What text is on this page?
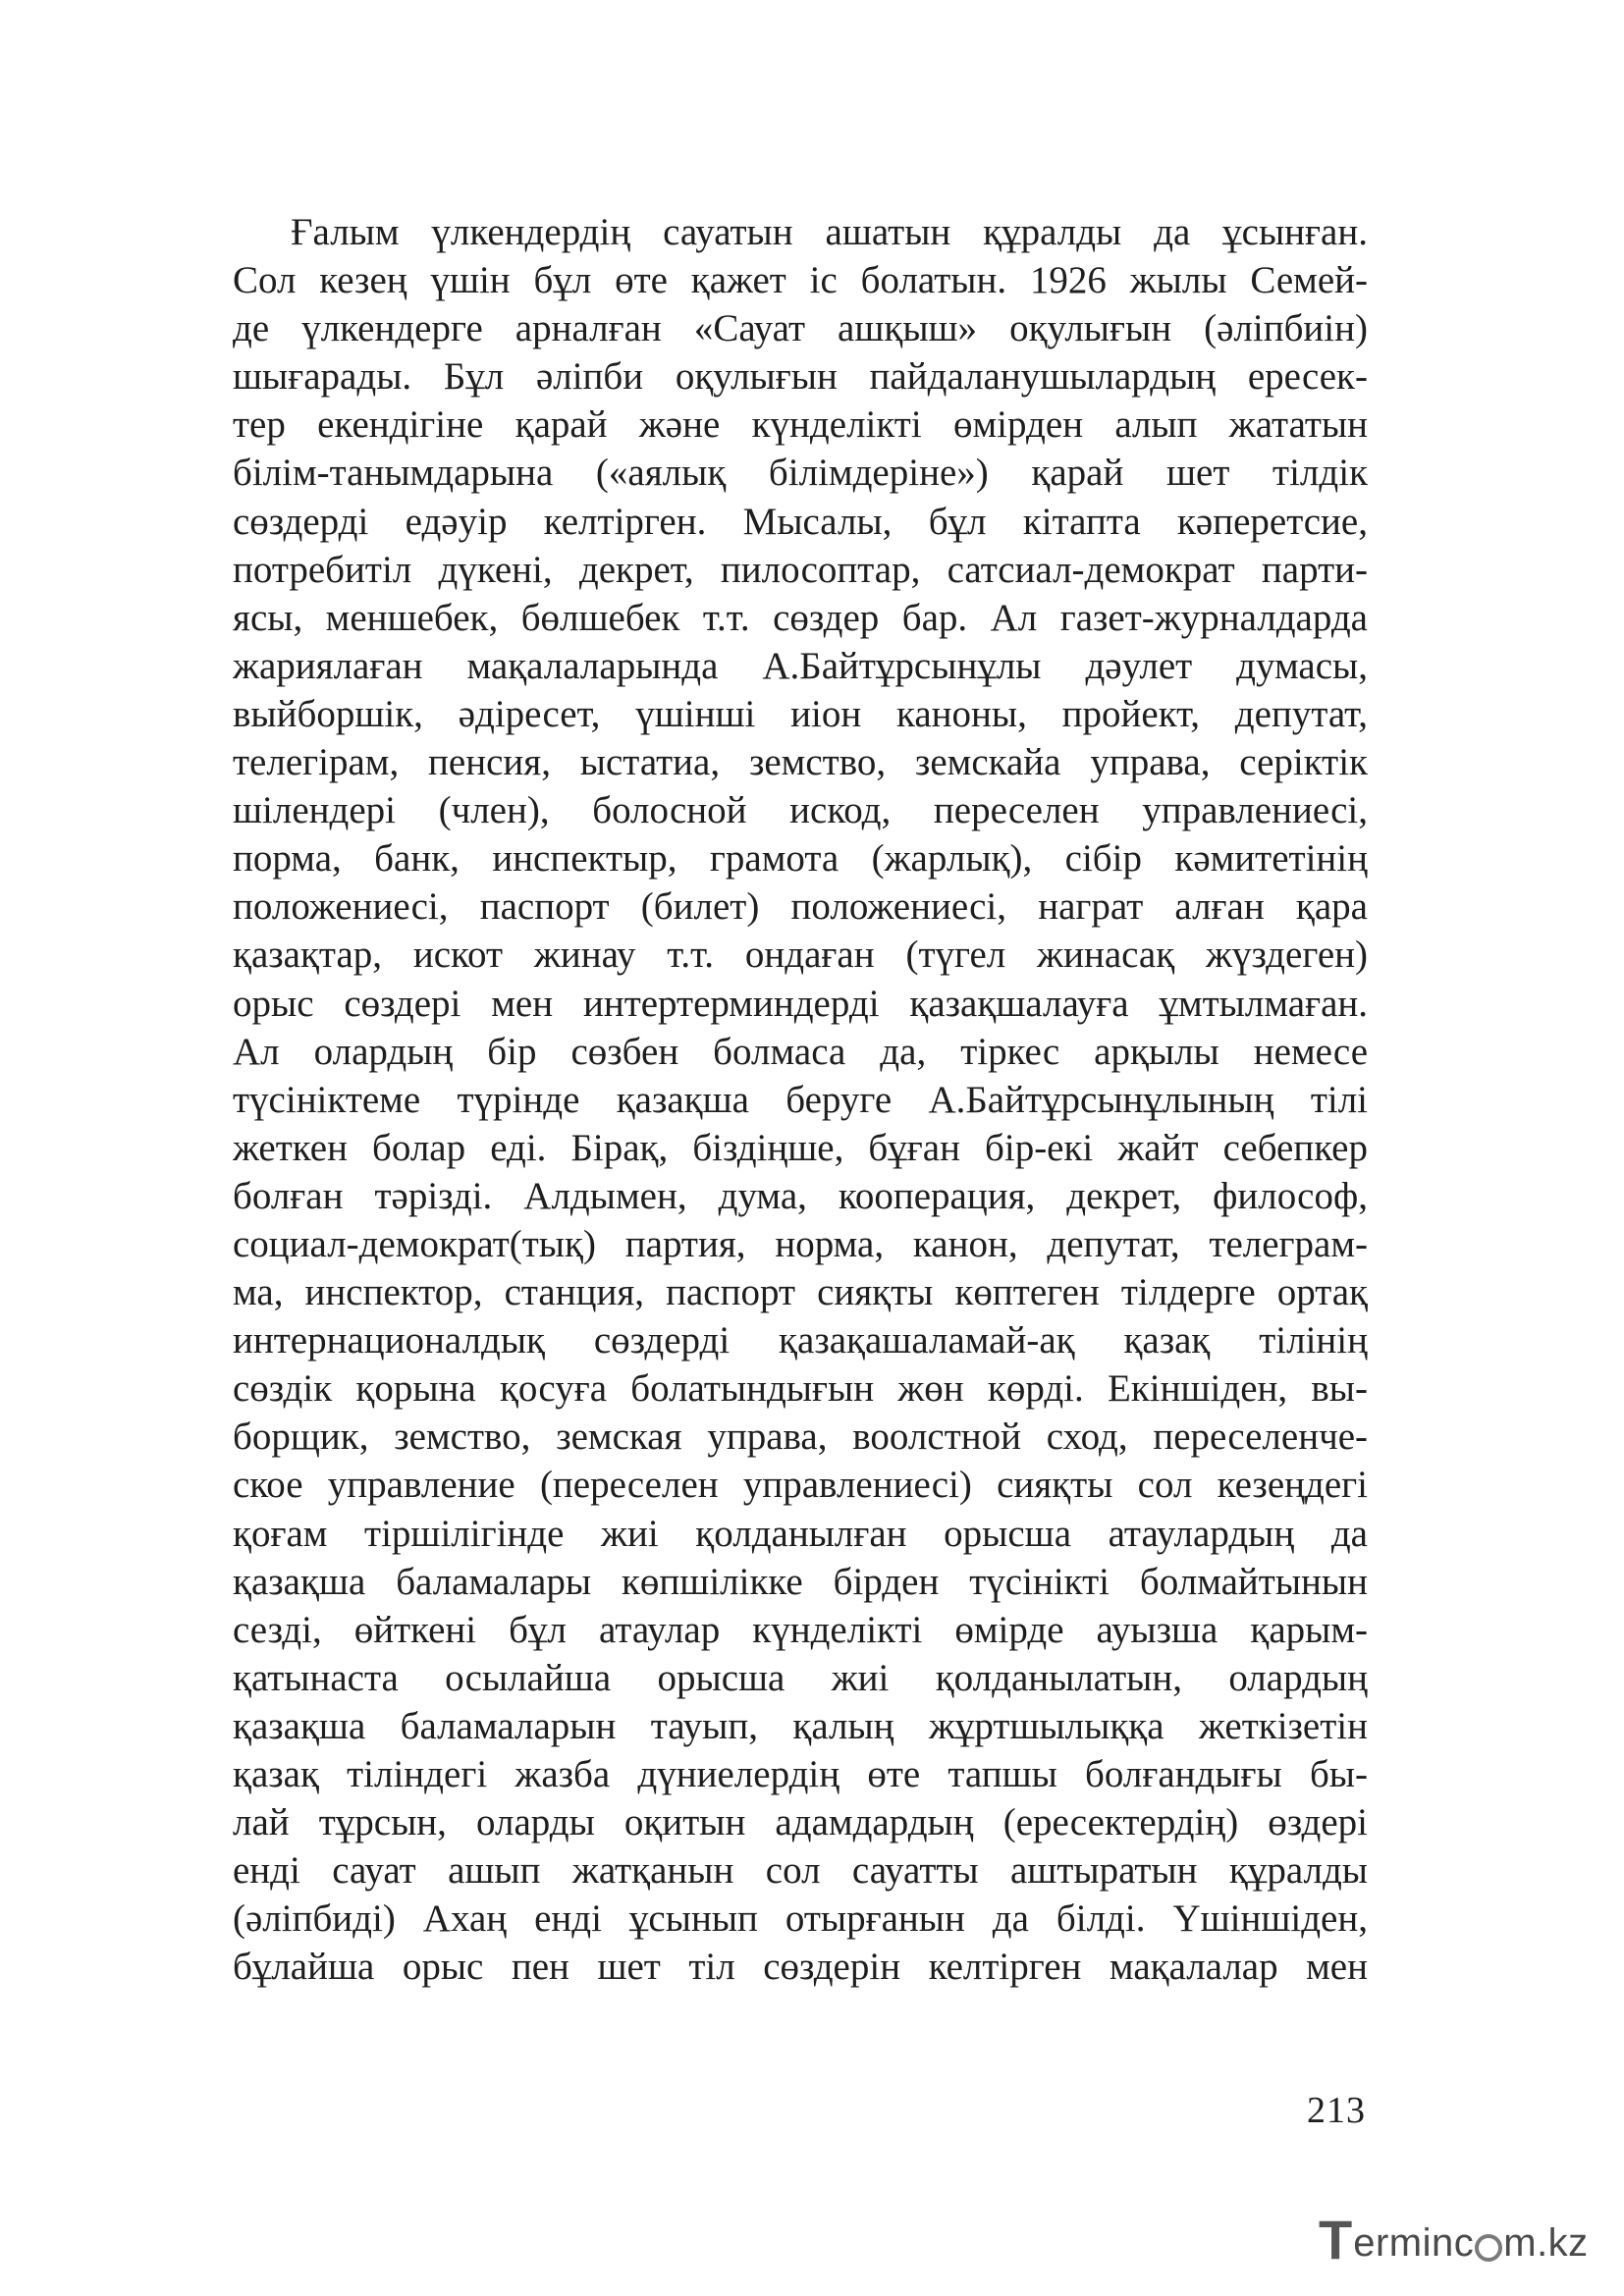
Ғалым үлкендердің сауатын ашатын құралды да ұсынған.
Сол кезең үшін бұл өте қажет іс болатын. 1926 жылы Семей-
де үлкендерге арналған «Сауат ашқыш» оқулығын (әліпбиін)
шығарады. Бұл әліпби оқулығын пайдаланушылардың ересек-
тер екендігіне қарай және күнделікті өмірден алып жататын
білім-танымдарына («аялық білімдеріне») қарай шет тілдік
сөздерді едәуір келтірген. Мысалы, бұл кітапта кәперетсие,
потребитіл дүкені, декрет, пилосоптар, сатсиал-демократ парти-
ясы, меншебек, бөлшебек т.т. сөздер бар. Ал газет-журналдарда
жариялаған мақалаларында А.Байтұрсынұлы дәулет думасы,
выйборшік, әдіресет, үшінші иіон каноны, пройект, депутат,
телегірам, пенсия, ыстатиа, земство, земскайа управа, серіктік
шілендері (член), болосной искод, переселен управлениесі,
порма, банк, инспектыр, грамота (жарлық), сібір кәмитетінің
положениесі, паспорт (билет) положениесі, награт алған қара
қазақтар, искот жинау т.т. ондаған (түгел жинасақ жүздеген)
орыс сөздері мен интертерминдерді қазақшалауға ұмтылмаған.
Ал олардың бір сөзбен болмаса да, тіркес арқылы немесе
түсініктеме түрінде қазақша беруге А.Байтұрсынұлының тілі
жеткен болар еді. Бірақ, біздіңше, бұған бір-екі жайт себепкер
болған тәрізді. Алдымен, дума, кооперация, декрет, философ,
социал-демократ(тық) партия, норма, канон, депутат, телеграм-
ма, инспектор, станция, паспорт сияқты көптеген тілдерге ортақ
интернационалдық сөздерді қазақашаламай-ақ қазақ тілінің
сөздік қорына қосуға болатындығын жөн көрді. Екіншіден, вы-
борщик, земство, земская управа, воолстной сход, переселенче-
ское управление (переселен управлениесі) сияқты сол кезеңдегі
қоғам тіршілігінде жиі қолданылған орысша атаулардың да
қазақша баламалары көпшілікке бірден түсінікті болмайтынын
сезді, өйткені бұл атаулар күнделікті өмірде ауызша қарым-
қатынаста осылайша орысша жиі қолданылатын, олардың
қазақша баламаларын тауып, қалың жұртшылыққа жеткізетін
қазақ тіліндегі жазба дүниелердің өте тапшы болғандығы бы-
лай тұрсын, оларды оқитын адамдардың (ересектердің) өздері
енді сауат ашып жатқанын сол сауатты аштыратын құралды
(әліпбиді) Ахаң енді ұсынып отырғанын да білді. Үшіншіден,
бұлайша орыс пен шет тіл сөздерін келтірген мақалалар мен
213
T erminc m.kz
